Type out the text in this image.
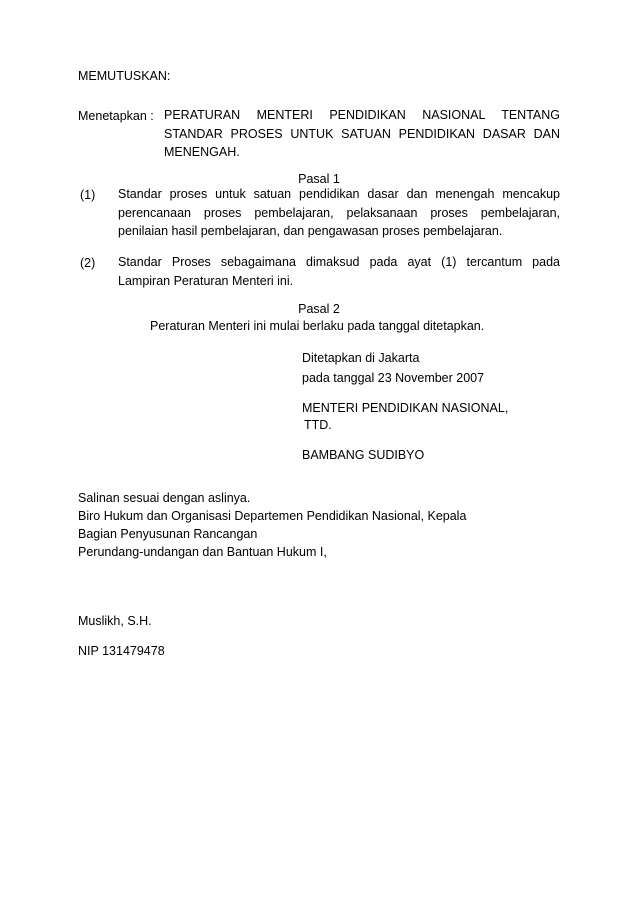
MEMUTUSKAN:
Menetapkan : PERATURAN MENTERI PENDIDIKAN NASIONAL TENTANG
STANDAR PROSES UNTUK SATUAN PENDIDIKAN DASAR DAN
MENENGAH.
Pasal 1
(1) Standar proses untuk satuan pendidikan dasar dan menengah mencakup
perencanaan proses pembelajaran, pelaksanaan proses pembelajaran,
penilaian hasil pembelajaran, dan pengawasan proses pembelajaran.
(2) Standar Proses sebagaimana dimaksud pada ayat (1) tercantum pada
Lampiran Peraturan Menteri ini.
Pasal 2
Peraturan Menteri ini mulai berlaku pada tanggal ditetapkan.
Ditetapkan di Jakarta
pada tanggal 23 November 2007
MENTERI PENDIDIKAN NASIONAL,
TTD.
BAMBANG SUDIBYO
Salinan sesuai dengan aslinya.
Biro Hukum dan Organisasi Departemen Pendidikan Nasional, Kepala
Bagian Penyusunan Rancangan
Perundang-undangan dan Bantuan Hukum I,
Muslikh, S.H.
NIP 131479478
